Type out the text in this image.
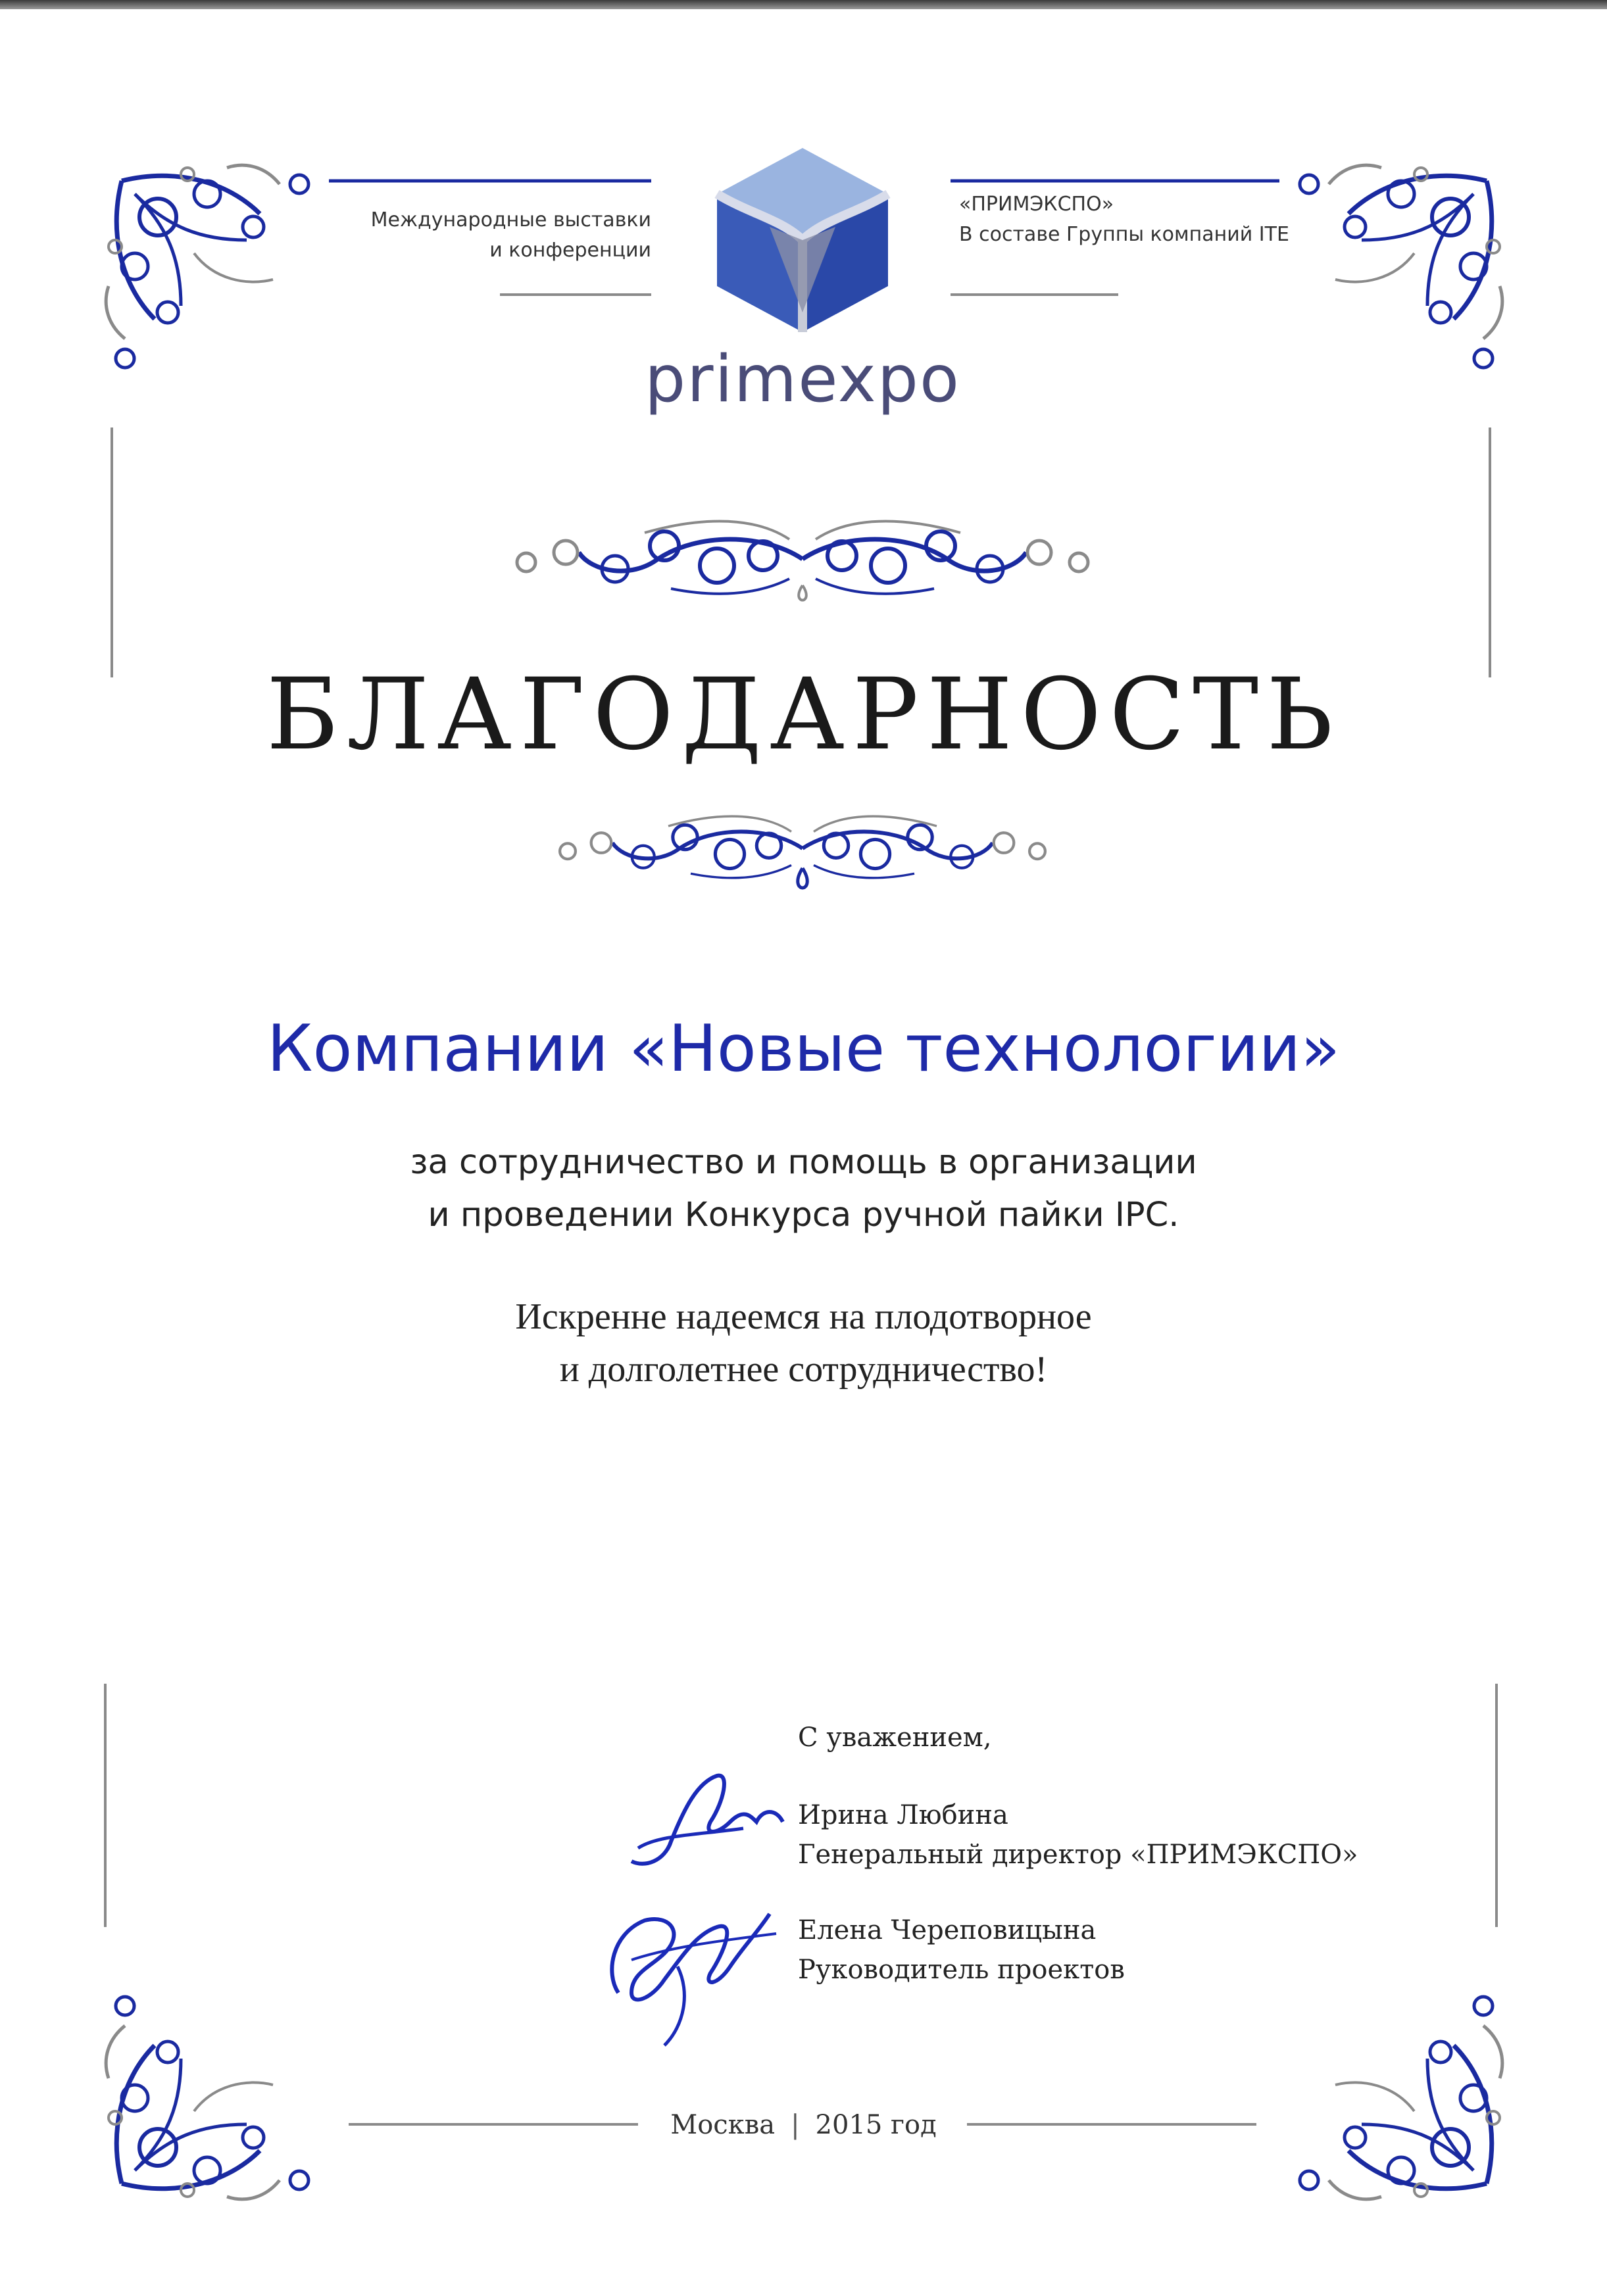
Международные выставки
и конференции
«ПРИМЭКСПО»
В составе Группы компаний ITE
primexpo
БЛАГОДАРНОСТЬ
Компании «Новые технологии»
за сотрудничество и помощь в организации
и проведении Конкурса ручной пайки IPC.
Искренне надеемся на плодотворное
и долголетнее сотрудничество!
С уважением,
Ирина Любина
Генеральный директор «ПРИМЭКСПО»
Елена Череповицына
Руководитель проектов
Москва | 2015 год
